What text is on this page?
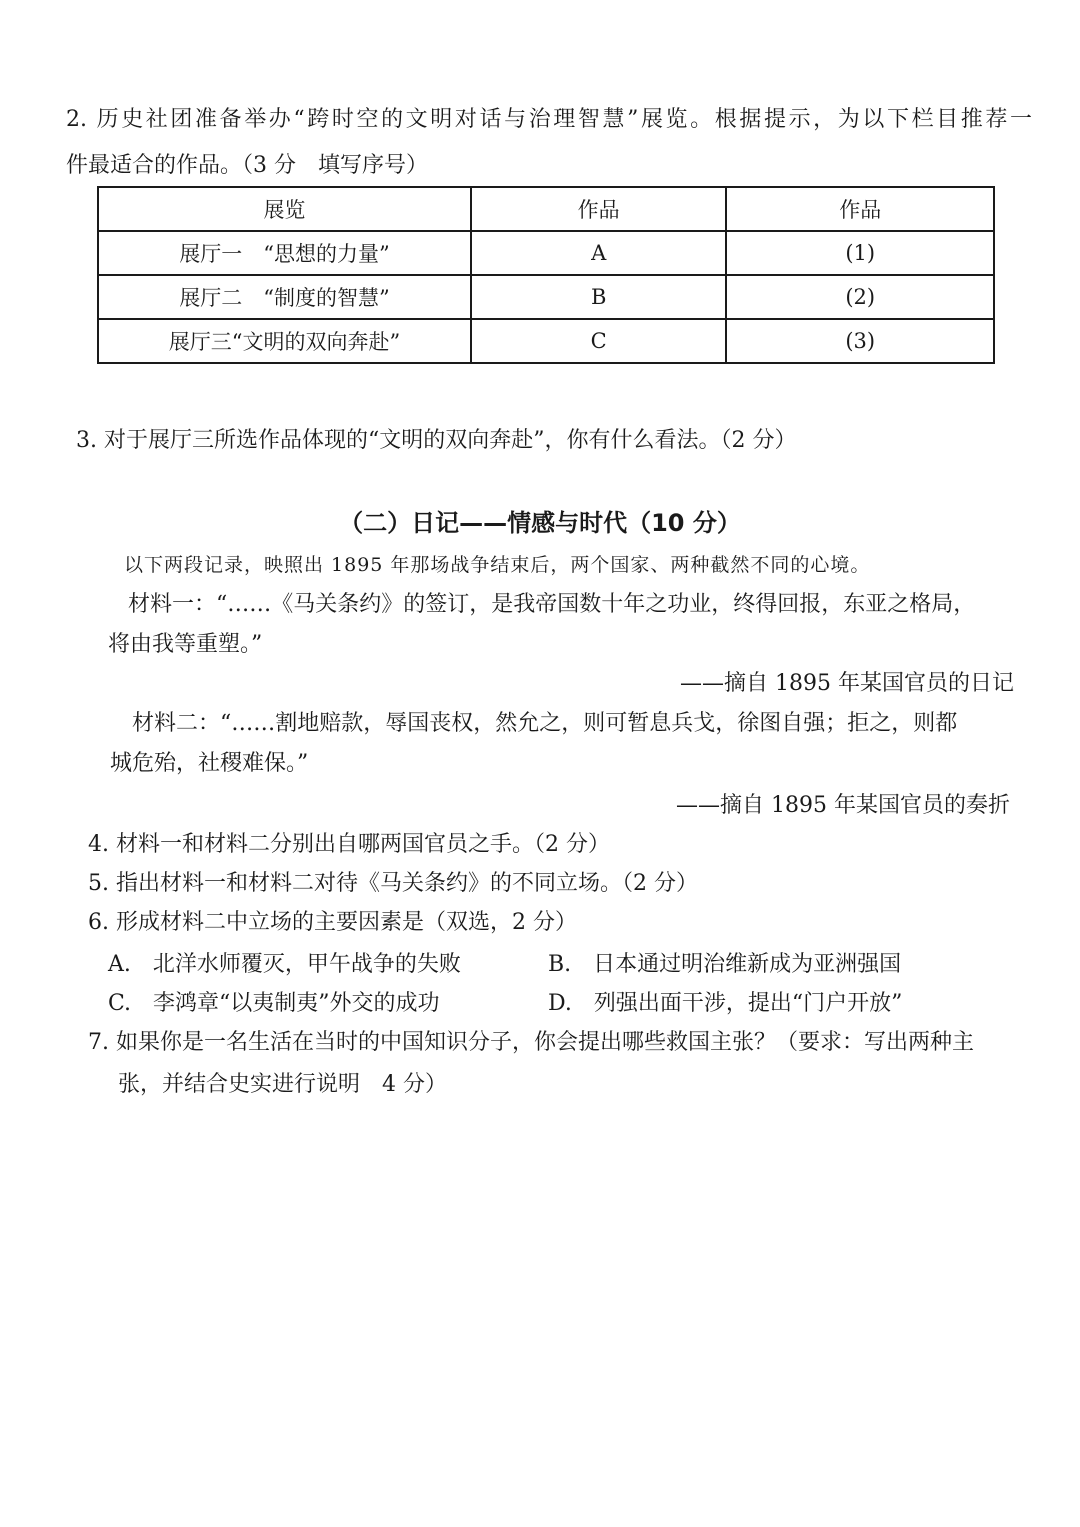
2. 历史社团准备举办“跨时空的文明对话与治理智慧”展览。根据提示，为以下栏目推荐一
件最适合的作品。（3 分　填写序号）
展览	作品	作品
展厅一　“思想的力量”	A	(1)
展厅二　“制度的智慧”	B	(2)
展厅三“文明的双向奔赴”	C	(3)
3. 对于展厅三所选作品体现的“文明的双向奔赴”，你有什么看法。（2 分）
（二）日记——情感与时代（10 分）
以下两段记录，映照出 1895 年那场战争结束后，两个国家、两种截然不同的心境。
材料一：“……《马关条约》的签订，是我帝国数十年之功业，终得回报，东亚之格局，
将由我等重塑。”
——摘自 1895 年某国官员的日记
材料二：“……割地赔款，辱国丧权，然允之，则可暂息兵戈，徐图自强；拒之，则都
城危殆，社稷难保。”
——摘自 1895 年某国官员的奏折
4. 材料一和材料二分别出自哪两国官员之手。（2 分）
5. 指出材料一和材料二对待《马关条约》的不同立场。（2 分）
6. 形成材料二中立场的主要因素是（双选，2 分）
A.　北洋水师覆灭，甲午战争的失败	B.　日本通过明治维新成为亚洲强国
C.　李鸿章“以夷制夷”外交的成功	D.　列强出面干涉，提出“门户开放”
7. 如果你是一名生活在当时的中国知识分子，你会提出哪些救国主张？（要求：写出两种主
张，并结合史实进行说明　4 分）
